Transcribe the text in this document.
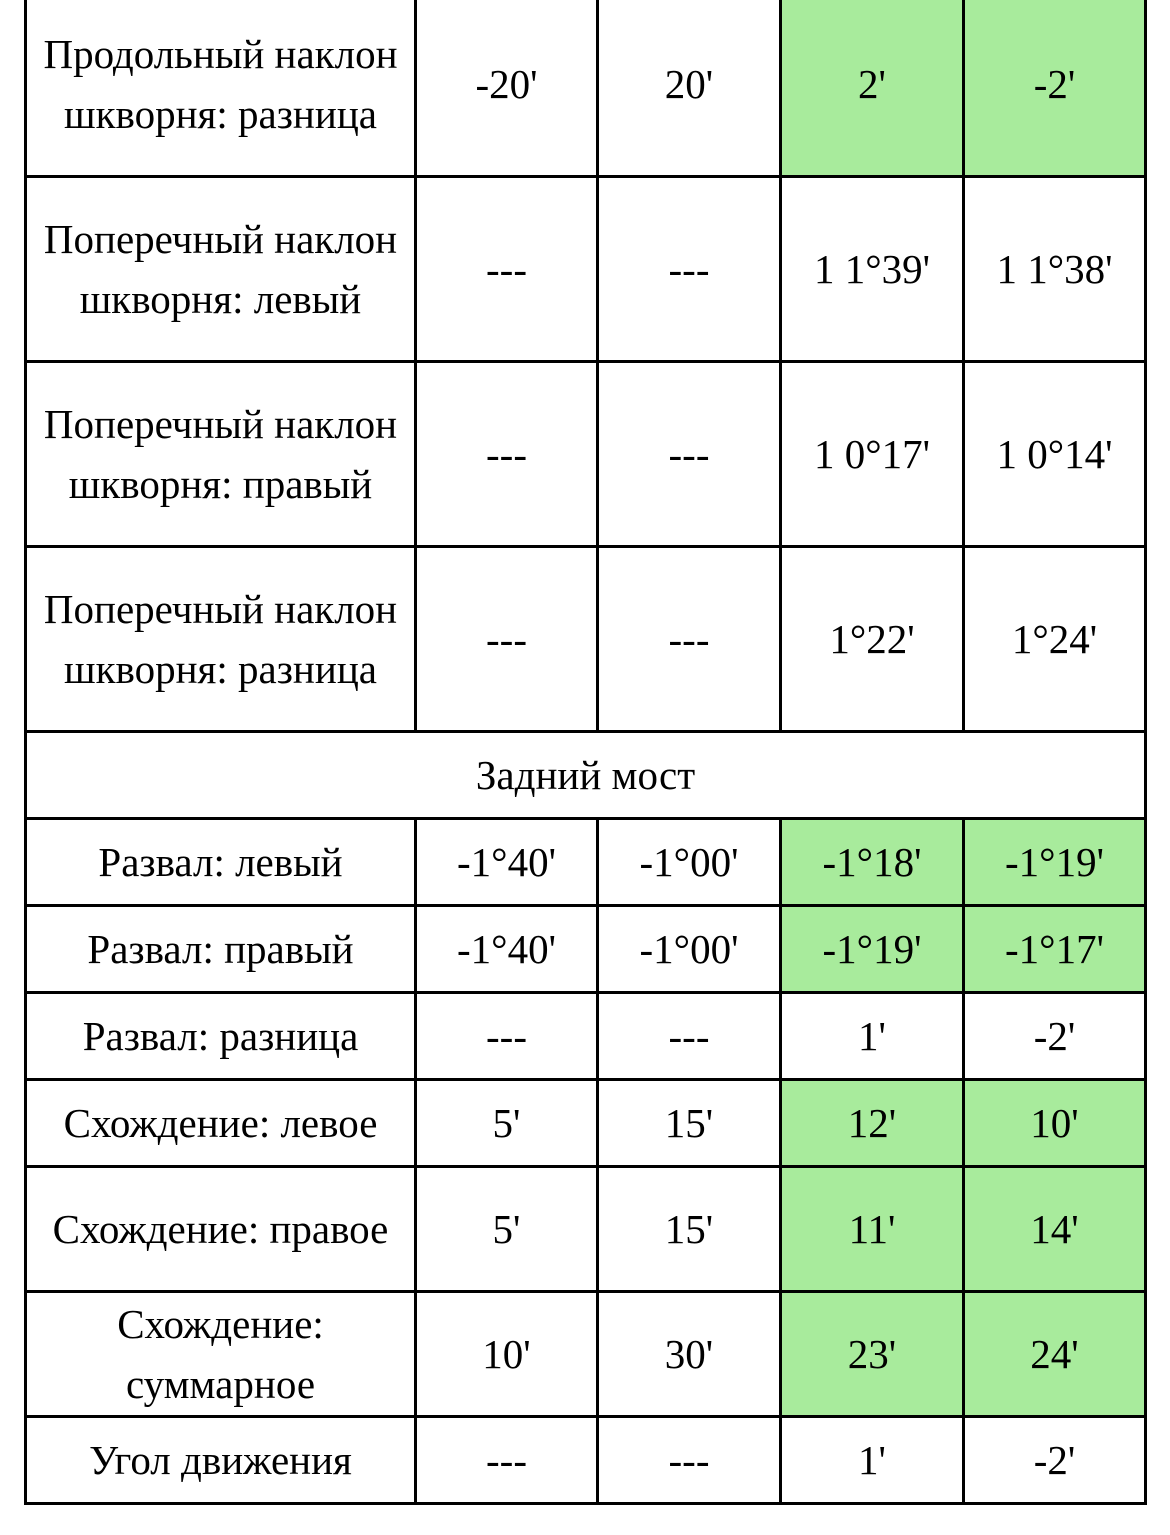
Продольный наклон шкворня: разница	-20'	20'	2'	-2'
Поперечный наклон шкворня: левый	---	---	1 1°39'	1 1°38'
Поперечный наклон шкворня: правый	---	---	1 0°17'	1 0°14'
Поперечный наклон шкворня: разница	---	---	1°22'	1°24'
Задний мост				
Развал: левый	-1°40'	-1°00'	-1°18'	-1°19'
Развал: правый	-1°40'	-1°00'	-1°19'	-1°17'
Развал: разница	---	---	1'	-2'
Схождение: левое	5'	15'	12'	10'
Схождение: правое	5'	15'	11'	14'
Схождение: суммарное	10'	30'	23'	24'
Угол движения	---	---	1'	-2'
